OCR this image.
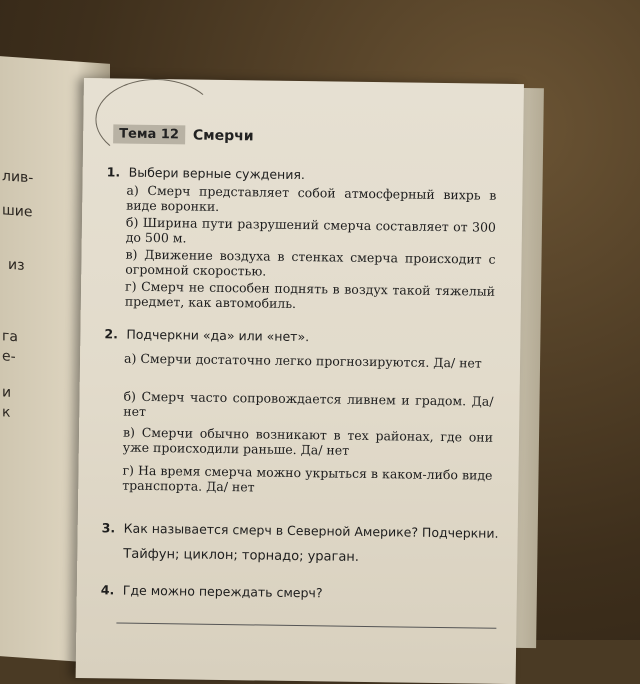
лив-
шие
из
га
е-
и
к
Тема 12 Смерчи
1. Выбери верные суждения.
а) Смерч представляет собой атмосферный вихрь в виде воронки.
б) Ширина пути разрушений смерча составляет от 300 до 500 м.
в) Движение воздуха в стенках смерча происходит с огромной скоростью.
г) Смерч не способен поднять в воздух такой тяжелый предмет, как автомобиль.
2. Подчеркни «да» или «нет».
а) Смерчи достаточно легко прогнозируются. Да/ нет
б) Смерч часто сопровождается ливнем и градом. Да/ нет
в) Смерчи обычно возникают в тех районах, где они уже происходили раньше. Да/ нет
г) На время смерча можно укрыться в каком-либо виде транспорта. Да/ нет
3. Как называется смерч в Северной Америке? Подчеркни.
Тайфун; циклон; торнадо; ураган.
4. Где можно переждать смерч?
